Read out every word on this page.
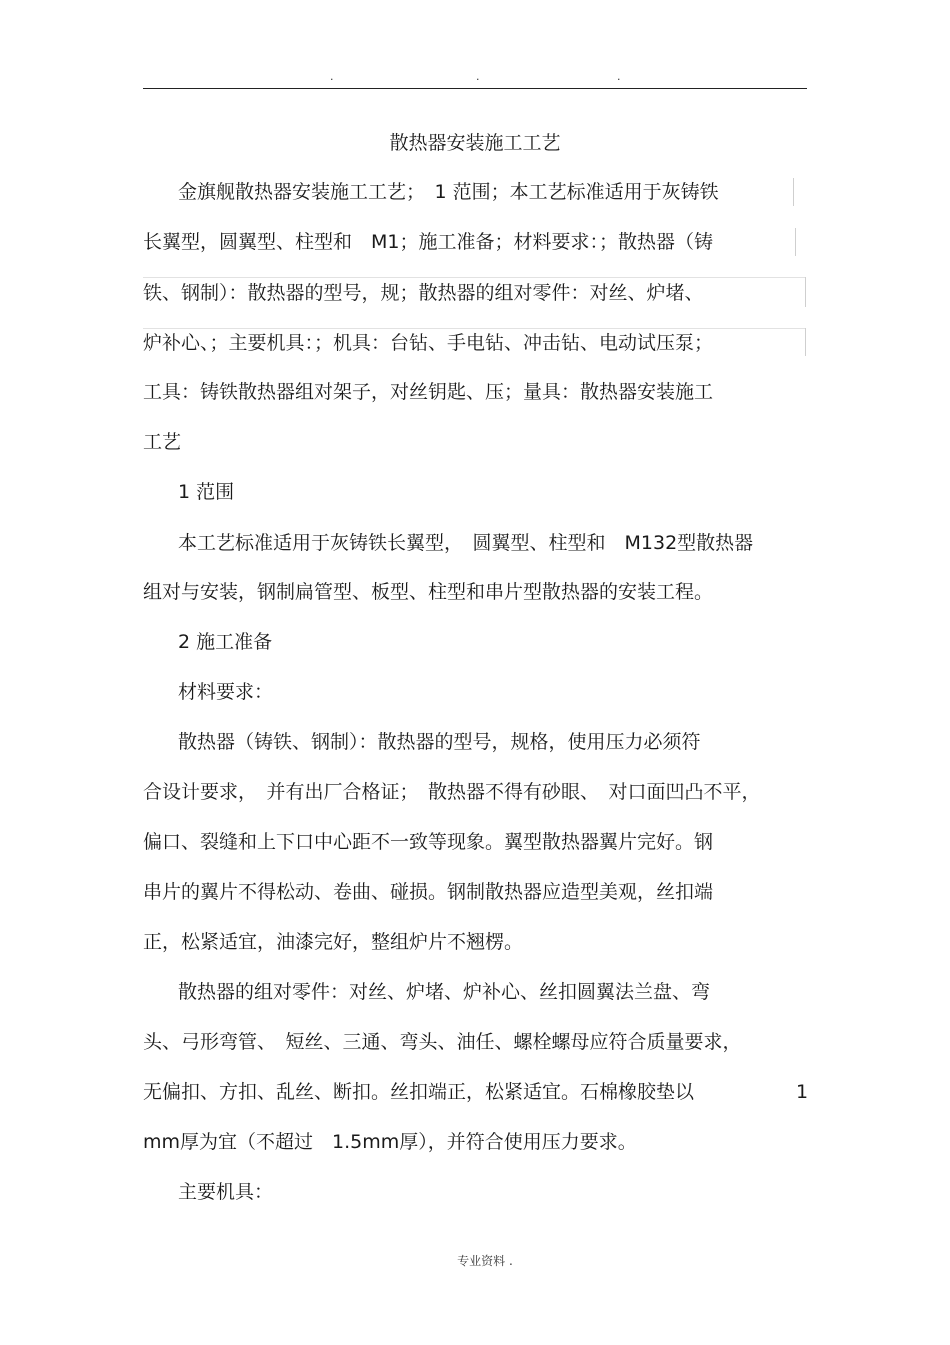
.	.	.
散热器安装施工工艺
金旗舰散热器安装施工工艺；　1 范围；本工艺标准适用于灰铸铁
长翼型，圆翼型、柱型和　M1；施工准备；材料要求：；散热器（铸
铁、钢制）：散热器的型号，规；散热器的组对零件：对丝、炉堵、
炉补心、；主要机具：；机具：台钻、手电钻、冲击钻、电动试压泵；
工具：铸铁散热器组对架子，对丝钥匙、压；量具：散热器安装施工
工艺
1 范围
本工艺标准适用于灰铸铁长翼型，　圆翼型、柱型和　M132型散热器
组对与安装，钢制扁管型、板型、柱型和串片型散热器的安装工程。
2 施工准备
材料要求：
散热器（铸铁、钢制）：散热器的型号，规格，使用压力必须符
合设计要求，　并有出厂合格证；　散热器不得有砂眼、　对口面凹凸不平，
偏口、裂缝和上下口中心距不一致等现象。翼型散热器翼片完好。钢
串片的翼片不得松动、卷曲、碰损。钢制散热器应造型美观，丝扣端
正，松紧适宜，油漆完好，整组炉片不翘楞。
散热器的组对零件：对丝、炉堵、炉补心、丝扣圆翼法兰盘、弯
头、弓形弯管、　短丝、三通、弯头、油任、螺栓螺母应符合质量要求，
无偏扣、方扣、乱丝、断扣。丝扣端正，松紧适宜。石棉橡胶垫以	1
mm厚为宜（不超过　1.5mm厚），并符合使用压力要求。
主要机具：
专业资料 .
